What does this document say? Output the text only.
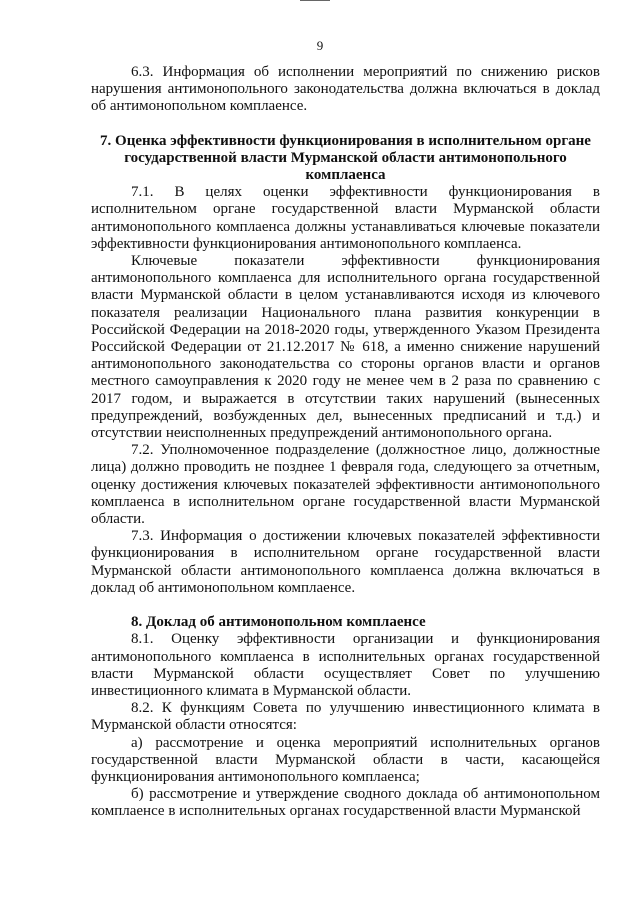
9

6.3. Информация об исполнении мероприятий по снижению рисков нарушения антимонопольного законодательства должна включаться в доклад об антимонопольном комплаенсе.

7. Оценка эффективности функционирования в исполнительном органе государственной власти Мурманской области антимонопольного комплаенса

7.1. В целях оценки эффективности функционирования в исполнительном органе государственной власти Мурманской области антимонопольного комплаенса должны устанавливаться ключевые показатели эффективности функционирования антимонопольного комплаенса.

Ключевые показатели эффективности функционирования антимонопольного комплаенса для исполнительного органа государственной власти Мурманской области в целом устанавливаются исходя из ключевого показателя реализации Национального плана развития конкуренции в Российской Федерации на 2018-2020 годы, утвержденного Указом Президента Российской Федерации от 21.12.2017 № 618, а именно снижение нарушений антимонопольного законодательства со стороны органов власти и органов местного самоуправления к 2020 году не менее чем в 2 раза по сравнению с 2017 годом, и выражается в отсутствии таких нарушений (вынесенных предупреждений, возбужденных дел, вынесенных предписаний и т.д.) и отсутствии неисполненных предупреждений антимонопольного органа.

7.2. Уполномоченное подразделение (должностное лицо, должностные лица) должно проводить не позднее 1 февраля года, следующего за отчетным, оценку достижения ключевых показателей эффективности антимонопольного комплаенса в исполнительном органе государственной власти Мурманской области.

7.3. Информация о достижении ключевых показателей эффективности функционирования в исполнительном органе государственной власти Мурманской области антимонопольного комплаенса должна включаться в доклад об антимонопольном комплаенсе.

8. Доклад об антимонопольном комплаенсе

8.1. Оценку эффективности организации и функционирования антимонопольного комплаенса в исполнительных органах государственной власти Мурманской области осуществляет Совет по улучшению инвестиционного климата в Мурманской области.

8.2. К функциям Совета по улучшению инвестиционного климата в Мурманской области относятся:

а) рассмотрение и оценка мероприятий исполнительных органов государственной власти Мурманской области в части, касающейся функционирования антимонопольного комплаенса;

б) рассмотрение и утверждение сводного доклада об антимонопольном комплаенсе в исполнительных органах государственной власти Мурманской
